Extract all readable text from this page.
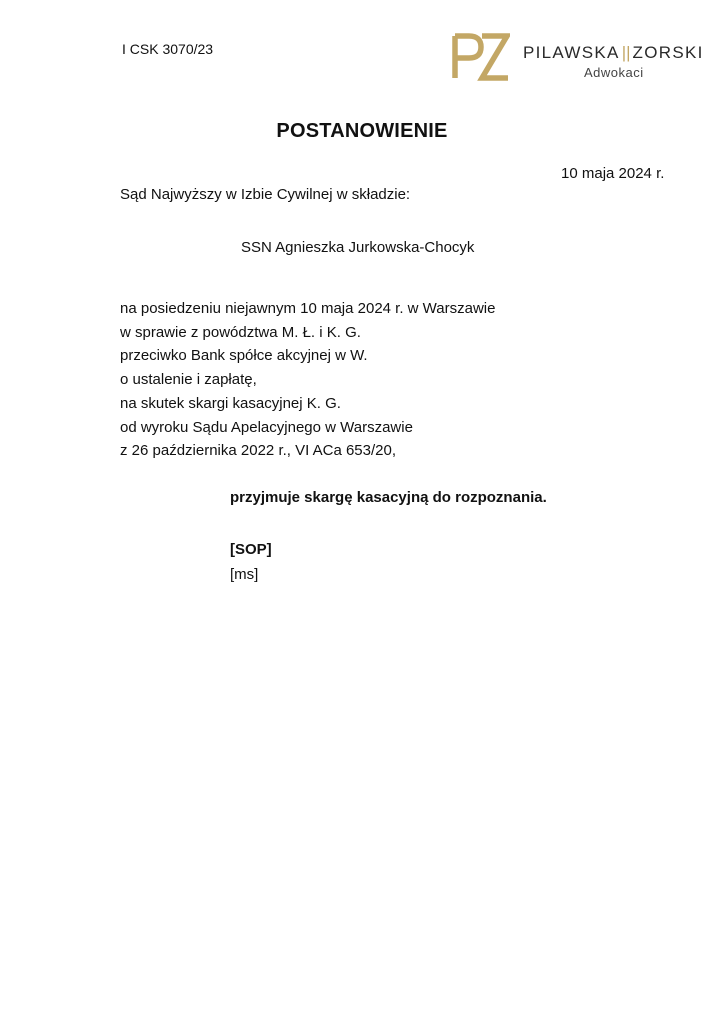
I CSK 3070/23	PILAWSKA || ZORSKI
Adwokaci
POSTANOWIENIE
10 maja 2024 r.
Sąd Najwyższy w Izbie Cywilnej w składzie:
SSN Agnieszka Jurkowska-Chocyk
na posiedzeniu niejawnym 10 maja 2024 r. w Warszawie
w sprawie z powództwa M. Ł. i K. G.
przeciwko Bank spółce akcyjnej w W.
o ustalenie i zapłatę,
na skutek skargi kasacyjnej K. G.
od wyroku Sądu Apelacyjnego w Warszawie
z 26 października 2022 r., VI ACa 653/20,
przyjmuje skargę kasacyjną do rozpoznania.
[SOP]
[ms]
